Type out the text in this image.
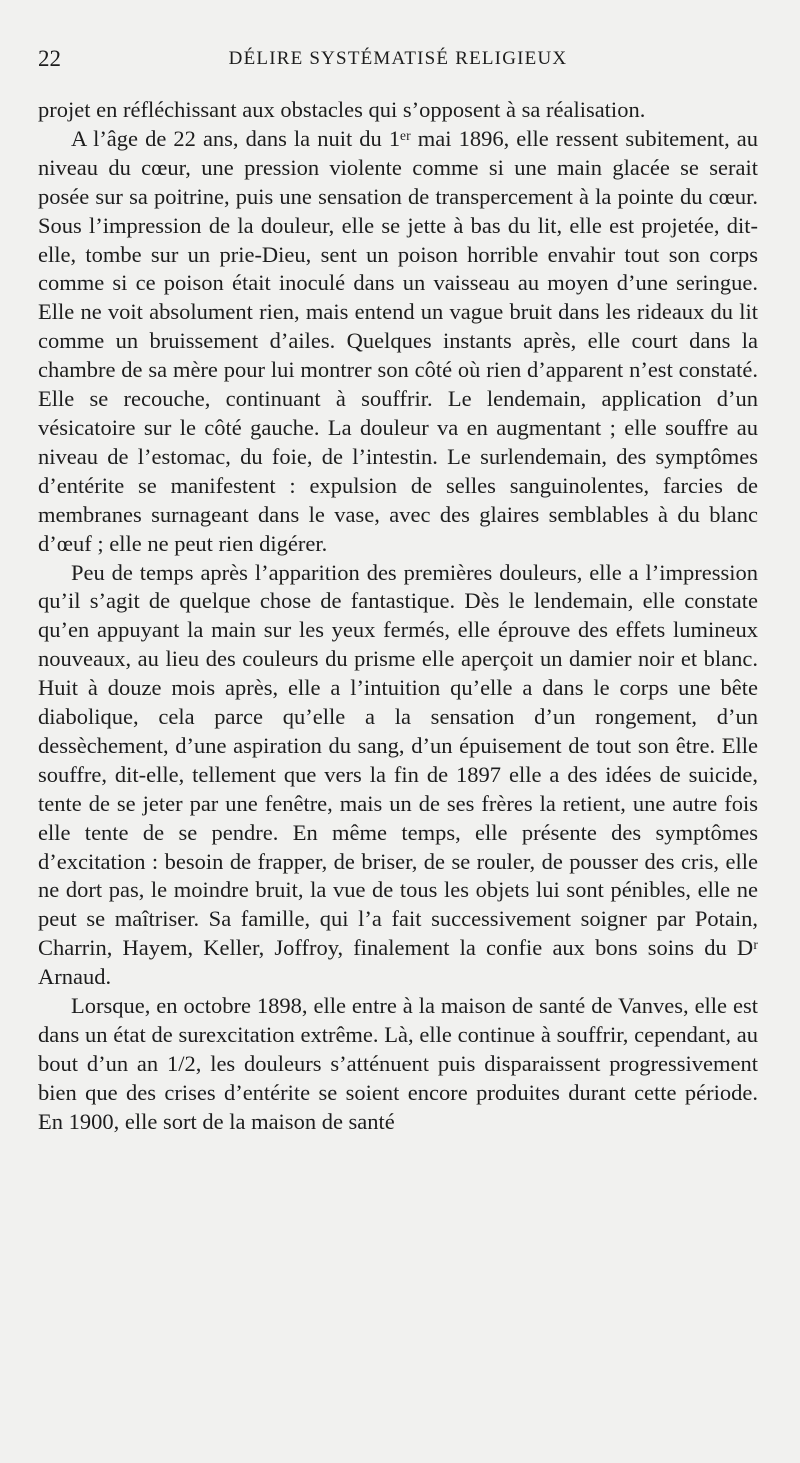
22	DÉLIRE SYSTÉMATISÉ RELIGIEUX

projet en réfléchissant aux obstacles qui s’opposent à sa réalisation.

A l’âge de 22 ans, dans la nuit du 1ᵉʳ mai 1896, elle ressent subitement, au niveau du cœur, une pression violente comme si une main glacée se serait posée sur sa poitrine, puis une sensation de transpercement à la pointe du cœur. Sous l’impression de la douleur, elle se jette à bas du lit, elle est projetée, dit-elle, tombe sur un prie-Dieu, sent un poison horrible envahir tout son corps comme si ce poison était inoculé dans un vaisseau au moyen d’une seringue. Elle ne voit absolument rien, mais entend un vague bruit dans les rideaux du lit comme un bruissement d’ailes. Quelques instants après, elle court dans la chambre de sa mère pour lui montrer son côté où rien d’apparent n’est constaté. Elle se recouche, continuant à souffrir. Le lendemain, application d’un vésicatoire sur le côté gauche. La douleur va en augmentant ; elle souffre au niveau de l’estomac, du foie, de l’intestin. Le surlendemain, des symptômes d’entérite se manifestent : expulsion de selles sanguinolentes, farcies de membranes surnageant dans le vase, avec des glaires semblables à du blanc d’œuf ; elle ne peut rien digérer.

Peu de temps après l’apparition des premières douleurs, elle a l’impression qu’il s’agit de quelque chose de fantastique. Dès le lendemain, elle constate qu’en appuyant la main sur les yeux fermés, elle éprouve des effets lumineux nouveaux, au lieu des couleurs du prisme elle aperçoit un damier noir et blanc. Huit à douze mois après, elle a l’intuition qu’elle a dans le corps une bête diabolique, cela parce qu’elle a la sensation d’un rongement, d’un dessèchement, d’une aspiration du sang, d’un épuisement de tout son être. Elle souffre, dit-elle, tellement que vers la fin de 1897 elle a des idées de suicide, tente de se jeter par une fenêtre, mais un de ses frères la retient, une autre fois elle tente de se pendre. En même temps, elle présente des symptômes d’excitation : besoin de frapper, de briser, de se rouler, de pousser des cris, elle ne dort pas, le moindre bruit, la vue de tous les objets lui sont pénibles, elle ne peut se maîtriser. Sa famille, qui l’a fait successivement soigner par Potain, Charrin, Hayem, Keller, Joffroy, finalement la confie aux bons soins du Dʳ Arnaud.

Lorsque, en octobre 1898, elle entre à la maison de santé de Vanves, elle est dans un état de surexcitation extrême. Là, elle continue à souffrir, cependant, au bout d’un an 1/2, les douleurs s’atténuent puis disparaissent progressivement bien que des crises d’entérite se soient encore produites durant cette période. En 1900, elle sort de la maison de santé
